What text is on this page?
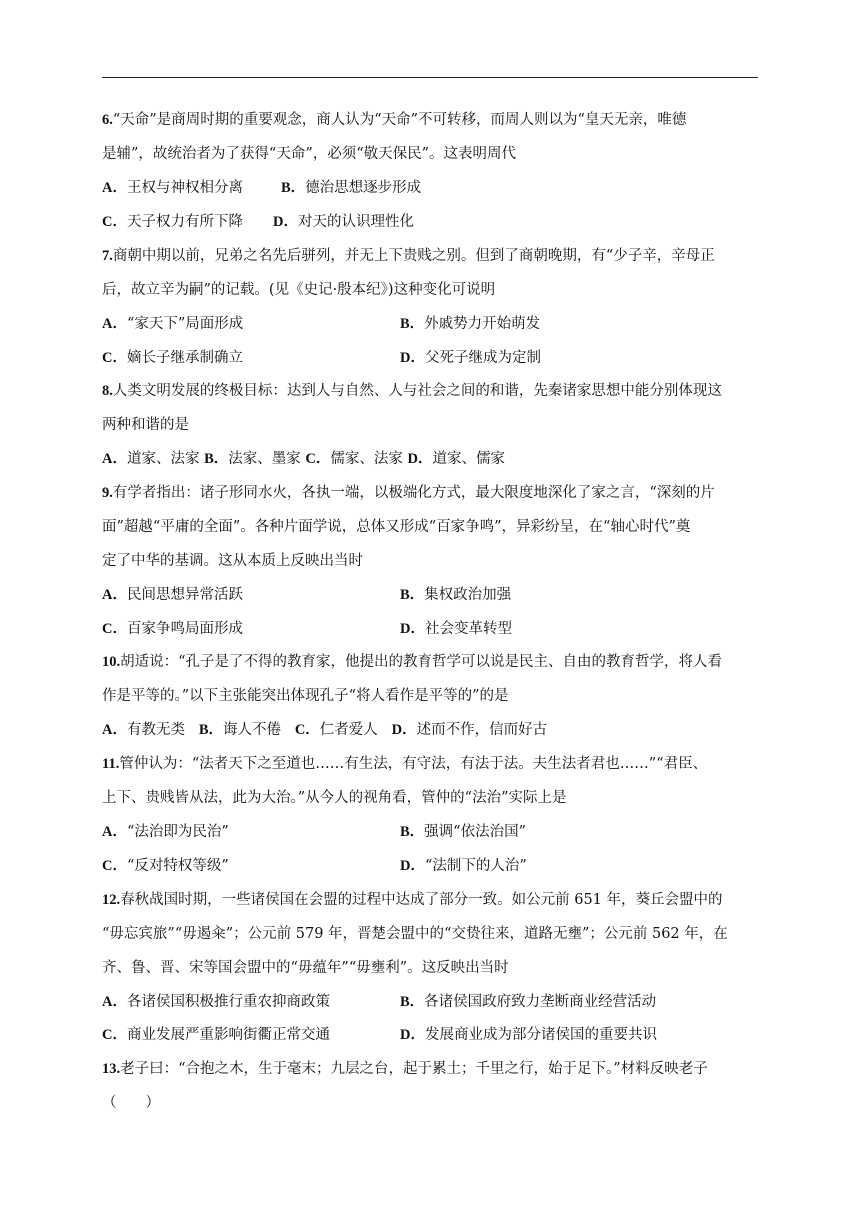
6.“天命”是商周时期的重要观念，商人认为“天命”不可转移，而周人则以为“皇天无亲，唯德
是辅”，故统治者为了获得“天命”，必须“敬天保民”。这表明周代
A．王权与神权相分离	B．德治思想逐步形成
C．天子权力有所下降 D．对天的认识理性化
7.商朝中期以前，兄弟之名先后骈列，并无上下贵贱之别。但到了商朝晚期，有“少子辛，辛母正
后，故立辛为嗣”的记载。(见《史记·殷本纪》)这种变化可说明
A．“家天下”局面形成	B．外戚势力开始萌发
C．嫡长子继承制确立	D．父死子继成为定制
8.人类文明发展的终极目标：达到人与自然、人与社会之间的和谐，先秦诸家思想中能分别体现这
两种和谐的是
A．道家、法家 B．法家、墨家 C．儒家、法家 D．道家、儒家
9.有学者指出：诸子形同水火，各执一端，以极端化方式，最大限度地深化了家之言，“深刻的片
面”超越“平庸的全面”。各种片面学说，总体又形成“百家争鸣”，异彩纷呈，在“轴心时代”奠
定了中华的基调。这从本质上反映出当时
A．民间思想异常活跃	B．集权政治加强
C．百家争鸣局面形成	D．社会变革转型
10.胡适说：“孔子是了不得的教育家，他提出的教育哲学可以说是民主、自由的教育哲学，将人看
作是平等的。”以下主张能突出体现孔子“将人看作是平等的”的是
A．有教无类 B．诲人不倦 C．仁者爱人 D．述而不作，信而好古
11.管仲认为：“法者天下之至道也……有生法，有守法，有法于法。夫生法者君也……”“君臣、
上下、贵贱皆从法，此为大治。”从今人的视角看，管仲的“法治”实际上是
A．“法治即为民治”	B．强调“依法治国”
C．“反对特权等级”	D．“法制下的人治”
12.春秋战国时期，一些诸侯国在会盟的过程中达成了部分一致。如公元前 651 年，葵丘会盟中的
“毋忘宾旅”“毋遏籴”；公元前 579 年，晋楚会盟中的“交贽往来，道路无壅”；公元前 562 年，在
齐、鲁、晋、宋等国会盟中的“毋蕴年”“毋壅利”。这反映出当时
A．各诸侯国积极推行重农抑商政策	B．各诸侯国政府致力垄断商业经营活动
C．商业发展严重影响街衢正常交通	D．发展商业成为部分诸侯国的重要共识
13.老子曰：“合抱之木，生于毫末；九层之台，起于累土；千里之行，始于足下。”材料反映老子
（　　）
